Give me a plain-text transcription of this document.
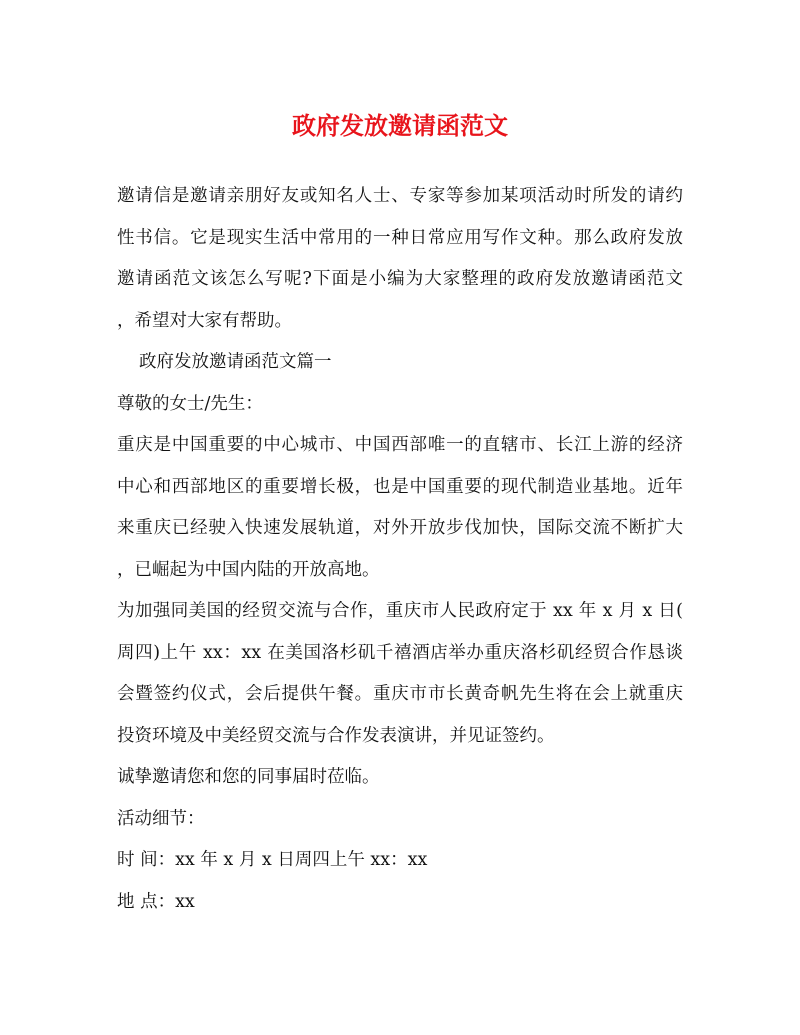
政府发放邀请函范文

邀请信是邀请亲朋好友或知名人士、专家等参加某项活动时所发的请约

性书信。它是现实生活中常用的一种日常应用写作文种。那么政府发放

邀请函范文该怎么写呢?下面是小编为大家整理的政府发放邀请函范文

，希望对大家有帮助。

政府发放邀请函范文篇一

尊敬的女士/先生：

重庆是中国重要的中心城市、中国西部唯一的直辖市、长江上游的经济

中心和西部地区的重要增长极，也是中国重要的现代制造业基地。近年

来重庆已经驶入快速发展轨道，对外开放步伐加快，国际交流不断扩大

，已崛起为中国内陆的开放高地。

为加强同美国的经贸交流与合作，重庆市人民政府定于 xx 年 x 月 x 日(

周四)上午 xx：xx 在美国洛杉矶千禧酒店举办重庆洛杉矶经贸合作恳谈

会暨签约仪式，会后提供午餐。重庆市市长黄奇帆先生将在会上就重庆

投资环境及中美经贸交流与合作发表演讲，并见证签约。

诚挚邀请您和您的同事届时莅临。

活动细节：

时 间：xx 年 x 月 x 日周四上午 xx：xx

地 点：xx
